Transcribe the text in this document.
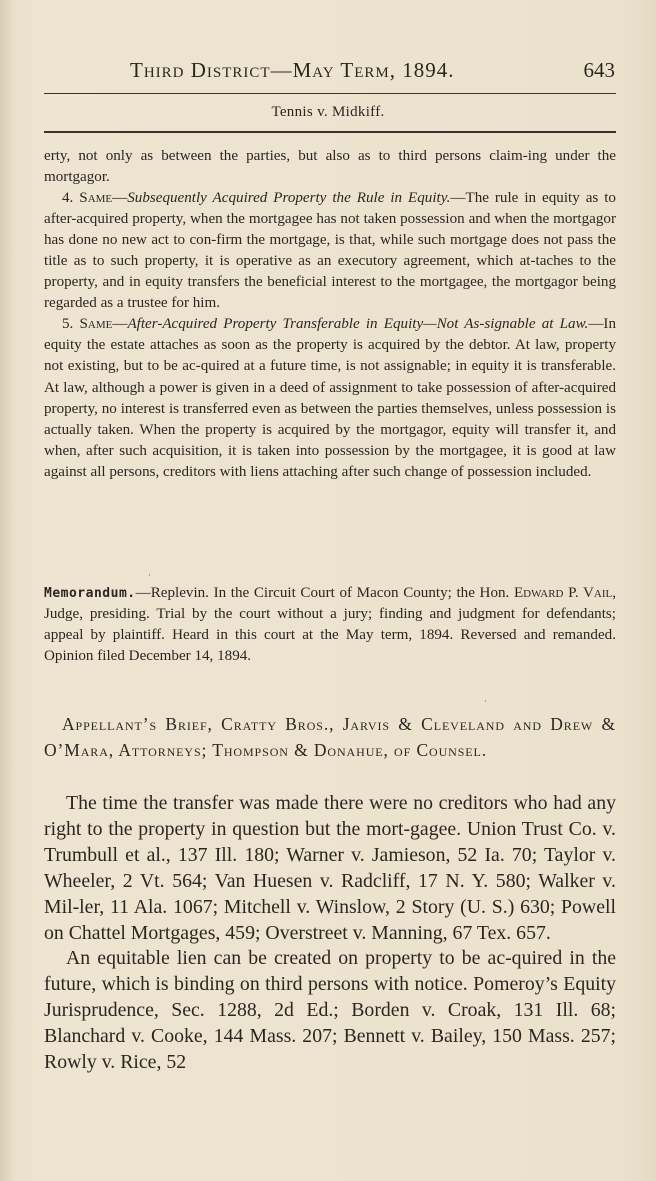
Third District—May Term, 1894.	643
Tennis v. Midkiff.

erty, not only as between the parties, but also as to third persons claim-ing under the mortgagor.

4. Same—Subsequently Acquired Property the Rule in Equity.—The rule in equity as to after-acquired property, when the mortgagee has not taken possession and when the mortgagor has done no new act to con-firm the mortgage, is that, while such mortgage does not pass the title as to such property, it is operative as an executory agreement, which at-taches to the property, and in equity transfers the beneficial interest to the mortgagee, the mortgagor being regarded as a trustee for him.

5. Same—After-Acquired Property Transferable in Equity—Not As-signable at Law.—In equity the estate attaches as soon as the property is acquired by the debtor. At law, property not existing, but to be ac-quired at a future time, is not assignable; in equity it is transferable. At law, although a power is given in a deed of assignment to take possession of after-acquired property, no interest is transferred even as between the parties themselves, unless possession is actually taken. When the property is acquired by the mortgagor, equity will transfer it, and when, after such acquisition, it is taken into possession by the mortgagee, it is good at law against all persons, creditors with liens attaching after such change of possession included.

·

Memorandum.—Replevin. In the Circuit Court of Macon County; the Hon. Edward P. Vail, Judge, presiding. Trial by the court without a jury; finding and judgment for defendants; appeal by plaintiff. Heard in this court at the May term, 1894. Reversed and remanded. Opinion filed December 14, 1894.

·

Appellant’s Brief, Cratty Bros., Jarvis & Cleveland and Drew & O’Mara, Attorneys; Thompson & Donahue, of Counsel.

The time the transfer was made there were no creditors who had any right to the property in question but the mort-gagee. Union Trust Co. v. Trumbull et al., 137 Ill. 180; Warner v. Jamieson, 52 Ia. 70; Taylor v. Wheeler, 2 Vt. 564; Van Huesen v. Radcliff, 17 N. Y. 580; Walker v. Mil-ler, 11 Ala. 1067; Mitchell v. Winslow, 2 Story (U. S.) 630; Powell on Chattel Mortgages, 459; Overstreet v. Manning, 67 Tex. 657.

An equitable lien can be created on property to be ac-quired in the future, which is binding on third persons with notice. Pomeroy’s Equity Jurisprudence, Sec. 1288, 2d Ed.; Borden v. Croak, 131 Ill. 68; Blanchard v. Cooke, 144 Mass. 207; Bennett v. Bailey, 150 Mass. 257; Rowly v. Rice, 52
